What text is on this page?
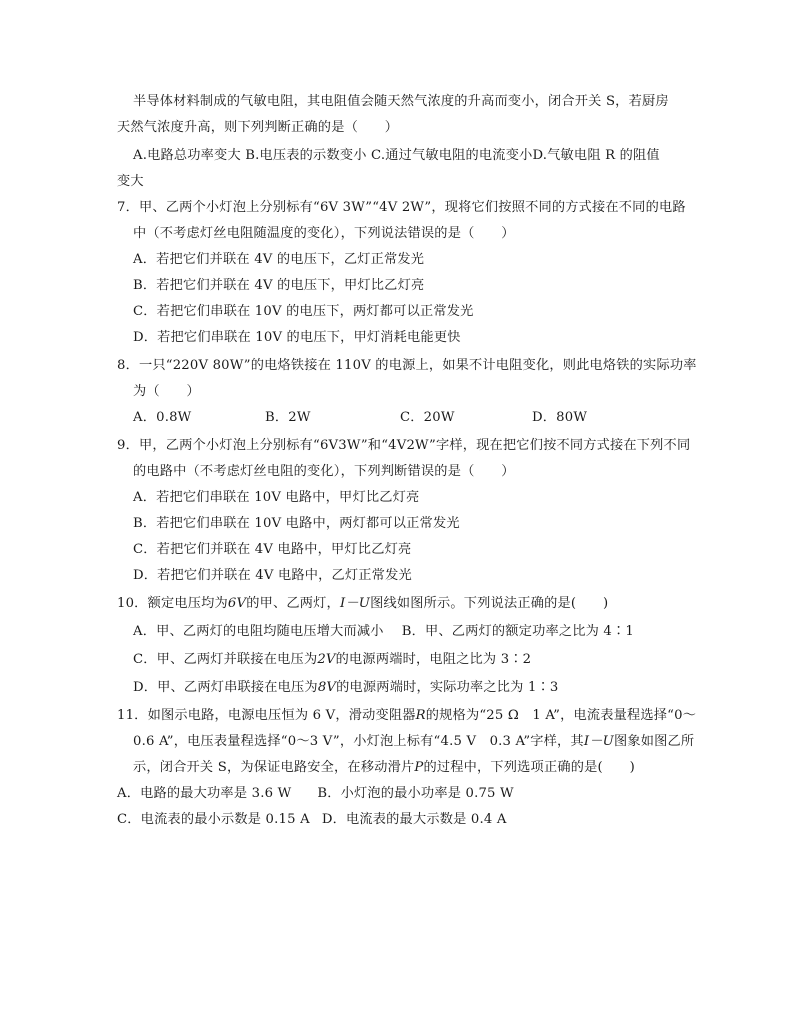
半导体材料制成的气敏电阻，其电阻值会随天然气浓度的升高而变小，闭合开关 S，若厨房
天然气浓度升高，则下列判断正确的是（　　）
A.电路总功率变大 B.电压表的示数变小 C.通过气敏电阻的电流变小D.气敏电阻 R 的阻值
变大
7．甲、乙两个小灯泡上分别标有“6V 3W”“4V 2W”，现将它们按照不同的方式接在不同的电路
中（不考虑灯丝电阻随温度的变化），下列说法错误的是（　　）
A．若把它们并联在 4V 的电压下，乙灯正常发光
B．若把它们并联在 4V 的电压下，甲灯比乙灯亮
C．若把它们串联在 10V 的电压下，两灯都可以正常发光
D．若把它们串联在 10V 的电压下，甲灯消耗电能更快
8．一只“220V 80W”的电烙铁接在 110V 的电源上，如果不计电阻变化，则此电烙铁的实际功率
为（　　）
A．0.8W	B．2W	C．20W	D．80W
9．甲，乙两个小灯泡上分别标有“6V3W”和“4V2W”字样，现在把它们按不同方式接在下列不同
的电路中（不考虑灯丝电阻的变化），下列判断错误的是（　　）
A．若把它们串联在 10V 电路中，甲灯比乙灯亮
B．若把它们串联在 10V 电路中，两灯都可以正常发光
C．若把它们并联在 4V 电路中，甲灯比乙灯亮
D．若把它们并联在 4V 电路中，乙灯正常发光
10．额定电压均为6V的甲、乙两灯，I－U图线如图所示。下列说法正确的是(　　)
A．甲、乙两灯的电阻均随电压增大而减小 B．甲、乙两灯的额定功率之比为 4∶1
C．甲、乙两灯并联接在电压为2V的电源两端时，电阻之比为 3∶2
D．甲、乙两灯串联接在电压为8V的电源两端时，实际功率之比为 1∶3
11．如图示电路，电源电压恒为 6 V，滑动变阻器R的规格为“25 Ω　1 A”，电流表量程选择“0～
0.6 A”，电压表量程选择“0～3 V”，小灯泡上标有“4.5 V　0.3 A”字样，其I－U图象如图乙所
示，闭合开关 S，为保证电路安全，在移动滑片P的过程中，下列选项正确的是(　　)
A．电路的最大功率是 3.6 W B．小灯泡的最小功率是 0.75 W
C．电流表的最小示数是 0.15 A D．电流表的最大示数是 0.4 A
